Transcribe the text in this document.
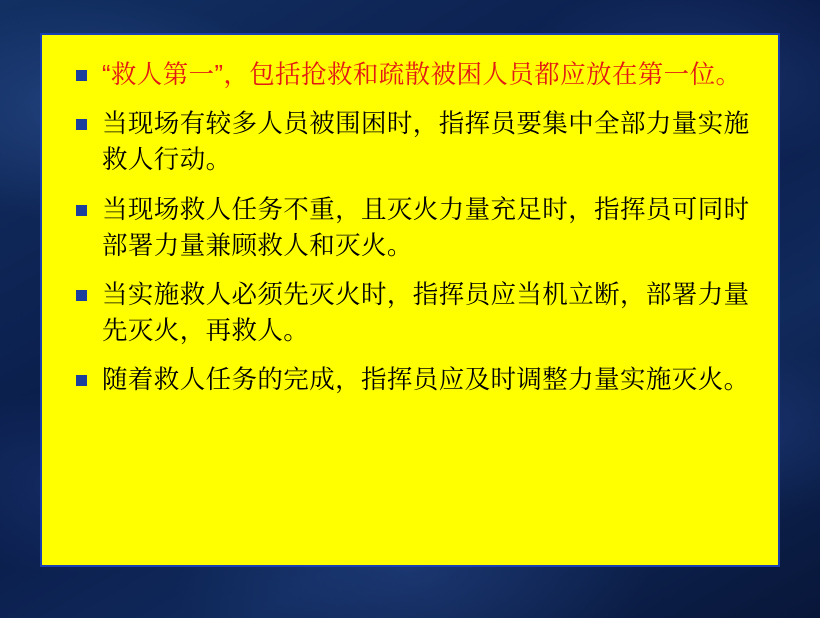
“救人第一”，包括抢救和疏散被困人员都应放在第一位。
当现场有较多人员被围困时，指挥员要集中全部力量实施救人行动。
当现场救人任务不重，且灭火力量充足时，指挥员可同时部署力量兼顾救人和灭火。
当实施救人必须先灭火时，指挥员应当机立断，部署力量先灭火，再救人。
随着救人任务的完成，指挥员应及时调整力量实施灭火。
